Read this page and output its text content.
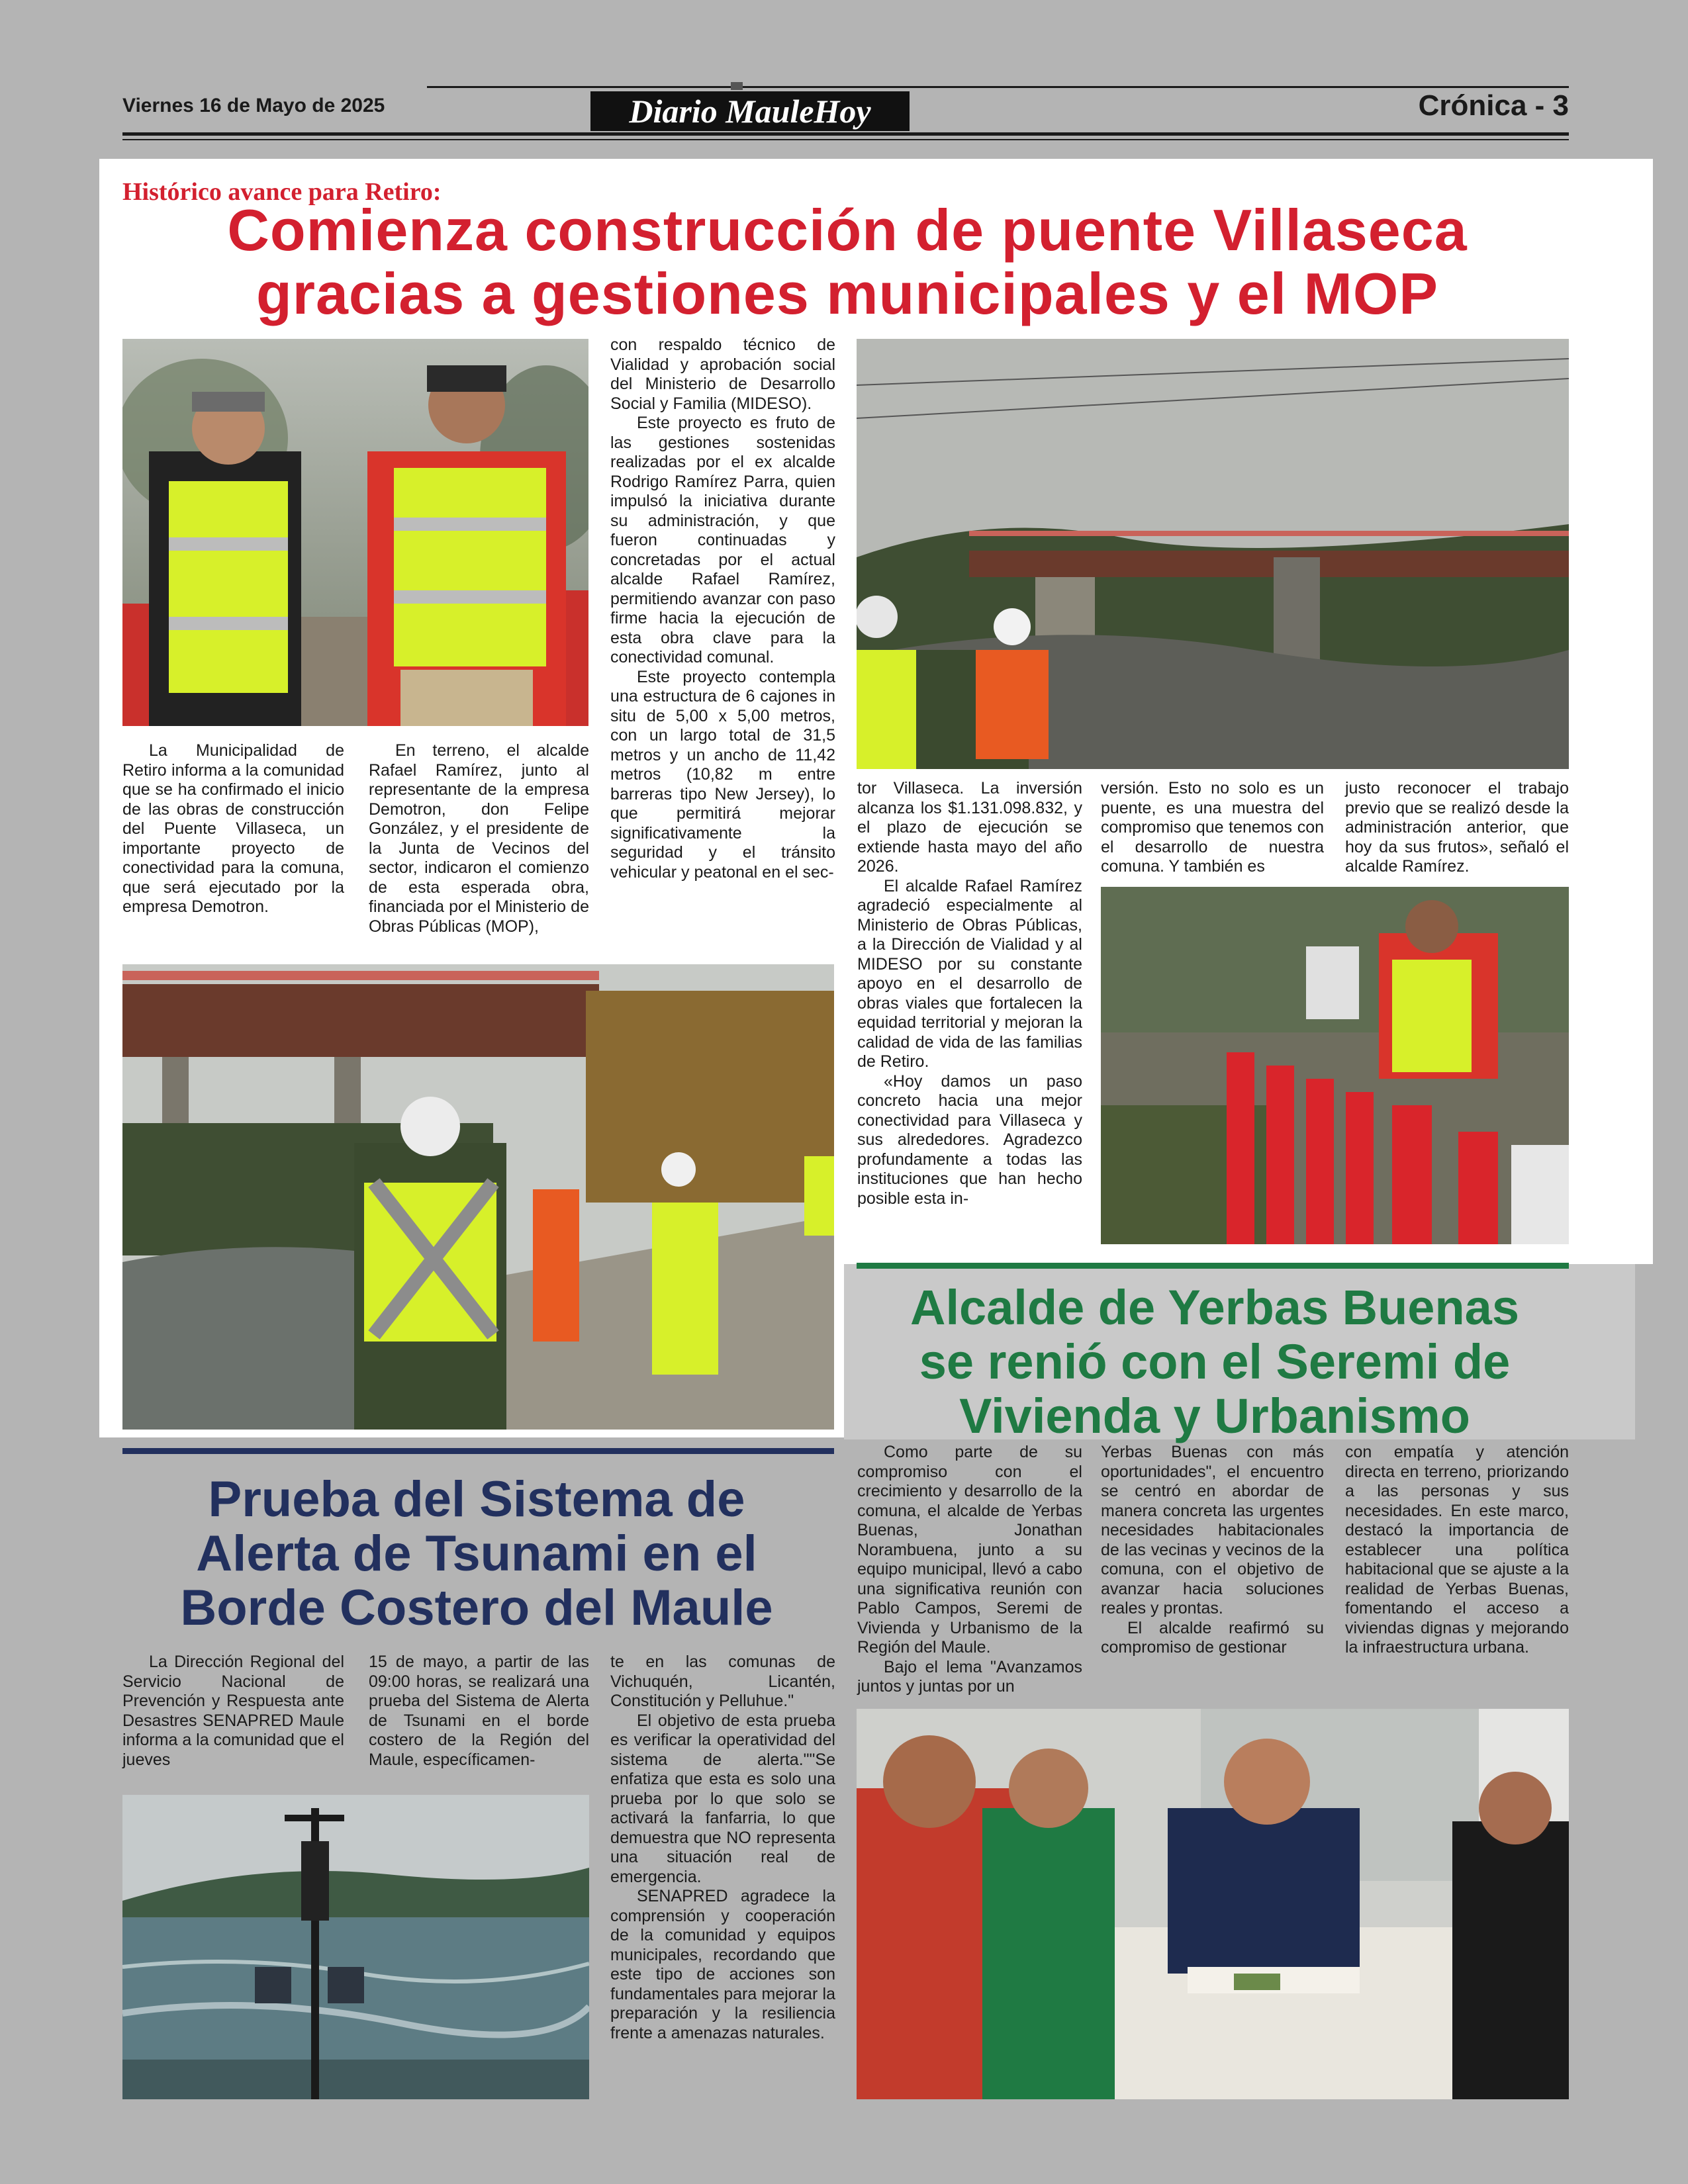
Viernes 16 de Mayo de 2025	Diario MauleHoy	Crónica - 3
Histórico avance para Retiro:
Comienza construcción de puente Villaseca
gracias a gestiones municipales y el MOP

La Municipalidad de Retiro informa a la comunidad que se ha confirmado el inicio de las obras de construcción del Puente Villaseca, un importante proyecto de conectividad para la comuna, que será ejecutado por la empresa Demotron.

En terreno, el alcalde Rafael Ramírez, junto al representante de la empresa Demotron, don Felipe González, y el presidente de la Junta de Vecinos del sector, indicaron el comienzo de esta esperada obra, financiada por el Ministerio de Obras Públicas (MOP),

con respaldo técnico de Vialidad y aprobación social del Ministerio de Desarrollo Social y Familia (MIDESO).

Este proyecto es fruto de las gestiones sostenidas realizadas por el ex alcalde Rodrigo Ramírez Parra, quien impulsó la iniciativa durante su administración, y que fueron continuadas y concretadas por el actual alcalde Rafael Ramírez, permitiendo avanzar con paso firme hacia la ejecución de esta obra clave para la conectividad comunal.

Este proyecto contempla una estructura de 6 cajones in situ de 5,00 x 5,00 metros, con un largo total de 31,5 metros y un ancho de 11,42 metros (10,82 m entre barreras tipo New Jersey), lo que permitirá mejorar significativamente la seguridad y el tránsito vehicular y peatonal en el sec-

tor Villaseca. La inversión alcanza los $1.131.098.832, y el plazo de ejecución se extiende hasta mayo del año 2026.

El alcalde Rafael Ramírez agradeció especialmente al Ministerio de Obras Públicas, a la Dirección de Vialidad y al MIDESO por su constante apoyo en el desarrollo de obras viales que fortalecen la equidad territorial y mejoran la calidad de vida de las familias de Retiro.

«Hoy damos un paso concreto hacia una mejor conectividad para Villaseca y sus alrededores. Agradezco profundamente a todas las instituciones que han hecho posible esta in-

versión. Esto no solo es un puente, es una muestra del compromiso que tenemos con el desarrollo de nuestra comuna. Y también es

justo reconocer el trabajo previo que se realizó desde la administración anterior, que hoy da sus frutos», señaló el alcalde Ramírez.

Alcalde de Yerbas Buenas
se renió con el Seremi de
Vivienda y Urbanismo

Como parte de su compromiso con el crecimiento y desarrollo de la comuna, el alcalde de Yerbas Buenas, Jonathan Norambuena, junto a su equipo municipal, llevó a cabo una significativa reunión con Pablo Campos, Seremi de Vivienda y Urbanismo de la Región del Maule.

Bajo el lema "Avanzamos juntos y juntas por un

Yerbas Buenas con más oportunidades", el encuentro se centró en abordar de manera concreta las urgentes necesidades habitacionales de las vecinas y vecinos de la comuna, con el objetivo de avanzar hacia soluciones reales y prontas.

El alcalde reafirmó su compromiso de gestionar

con empatía y atención directa en terreno, priorizando a las personas y sus necesidades. En este marco, destacó la importancia de establecer una política habitacional que se ajuste a la realidad de Yerbas Buenas, fomentando el acceso a viviendas dignas y mejorando la infraestructura urbana.

Prueba del Sistema de
Alerta de Tsunami en el
Borde Costero del Maule

La Dirección Regional del Servicio Nacional de Prevención y Respuesta ante Desastres SENAPRED Maule informa a la comunidad que el jueves

15 de mayo, a partir de las 09:00 horas, se realizará una prueba del Sistema de Alerta de Tsunami en el borde costero de la Región del Maule, específicamen-

te en las comunas de Vichuquén, Licantén, Constitución y Pelluhue."

El objetivo de esta prueba es verificar la operatividad del sistema de alerta.""Se enfatiza que esta es solo una prueba por lo que solo se activará la fanfarria, lo que demuestra que NO representa una situación real de emergencia.

SENAPRED agradece la comprensión y cooperación de la comunidad y equipos municipales, recordando que este tipo de acciones son fundamentales para mejorar la preparación y la resiliencia frente a amenazas naturales.
